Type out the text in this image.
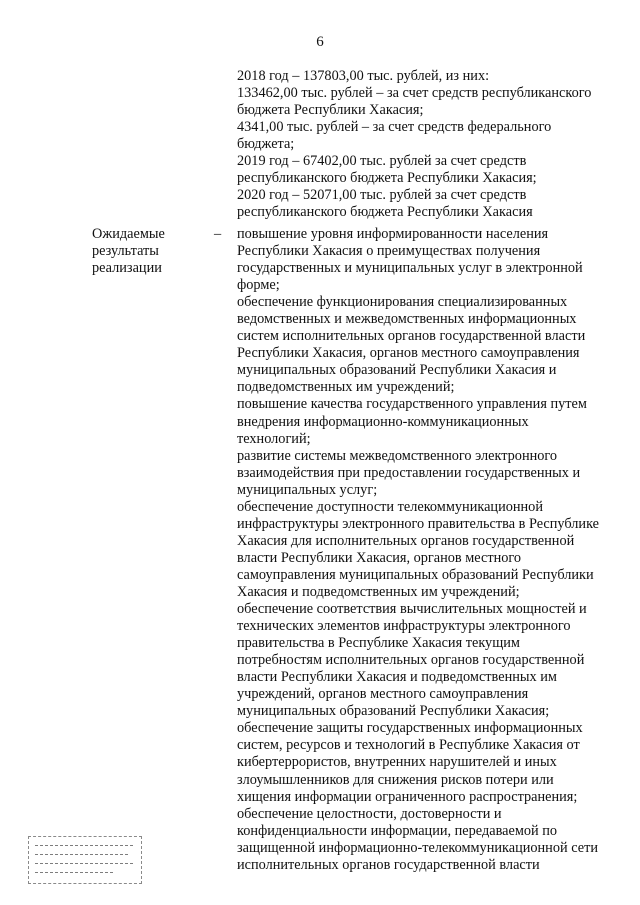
6

2018 год – 137803,00 тыс. рублей, из них:
133462,00 тыс. рублей – за счет средств республиканского
бюджета Республики Хакасия;
4341,00 тыс. рублей – за счет средств федерального
бюджета;
2019 год – 67402,00 тыс. рублей за счет средств
республиканского бюджета Республики Хакасия;
2020 год – 52071,00 тыс. рублей за счет средств
республиканского бюджета Республики Хакасия

Ожидаемые
результаты
реализации
– повышение уровня информированности населения
Республики Хакасия о преимуществах получения
государственных и муниципальных услуг в электронной
форме;

обеспечение функционирования специализированных
ведомственных и межведомственных информационных
систем исполнительных органов государственной власти
Республики Хакасия, органов местного самоуправления
муниципальных образований Республики Хакасия и
подведомственных им учреждений;

повышение качества государственного управления путем
внедрения информационно-коммуникационных
технологий;

развитие системы межведомственного электронного
взаимодействия при предоставлении государственных и
муниципальных услуг;

обеспечение доступности телекоммуникационной
инфраструктуры электронного правительства в Республике
Хакасия для исполнительных органов государственной
власти Республики Хакасия, органов местного
самоуправления муниципальных образований Республики
Хакасия и подведомственных им учреждений;

обеспечение соответствия вычислительных мощностей и
технических элементов инфраструктуры электронного
правительства в Республике Хакасия текущим
потребностям исполнительных органов государственной
власти Республики Хакасия и подведомственных им
учреждений, органов местного самоуправления
муниципальных образований Республики Хакасия;

обеспечение защиты государственных информационных
систем, ресурсов и технологий в Республике Хакасия от
кибертеррористов, внутренних нарушителей и иных
злоумышленников для снижения рисков потери или
хищения информации ограниченного распространения;

обеспечение целостности, достоверности и
конфиденциальности информации, передаваемой по
защищенной информационно-телекоммуникационной сети
исполнительных органов государственной власти
